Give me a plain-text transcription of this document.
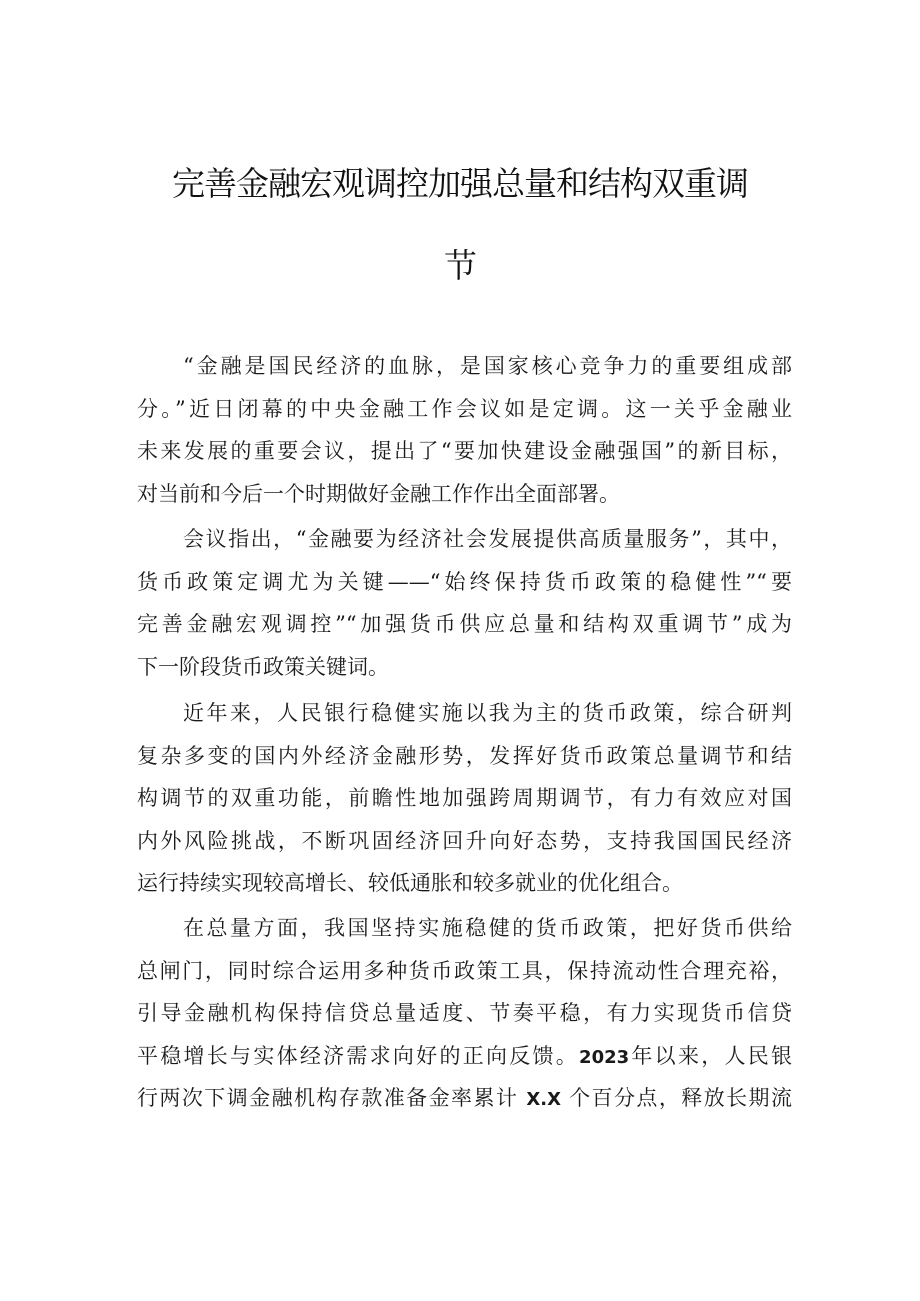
完善金融宏观调控加强总量和结构双重调
节
“金融是国民经济的血脉，是国家核心竞争力的重要组成部
分。”近日闭幕的中央金融工作会议如是定调。这一关乎金融业
未来发展的重要会议，提出了“要加快建设金融强国”的新目标，
对当前和今后一个时期做好金融工作作出全面部署。
会议指出，“金融要为经济社会发展提供高质量服务”，其中，
货币政策定调尤为关键——“始终保持货币政策的稳健性”“要
完善金融宏观调控”“加强货币供应总量和结构双重调节”成为
下一阶段货币政策关键词。
近年来，人民银行稳健实施以我为主的货币政策，综合研判
复杂多变的国内外经济金融形势，发挥好货币政策总量调节和结
构调节的双重功能，前瞻性地加强跨周期调节，有力有效应对国
内外风险挑战，不断巩固经济回升向好态势，支持我国国民经济
运行持续实现较高增长、较低通胀和较多就业的优化组合。
在总量方面，我国坚持实施稳健的货币政策，把好货币供给
总闸门，同时综合运用多种货币政策工具，保持流动性合理充裕，
引导金融机构保持信贷总量适度、节奏平稳，有力实现货币信贷
平稳增长与实体经济需求向好的正向反馈。2023年以来，人民银
行两次下调金融机构存款准备金率累计 X.X 个百分点，释放长期流
